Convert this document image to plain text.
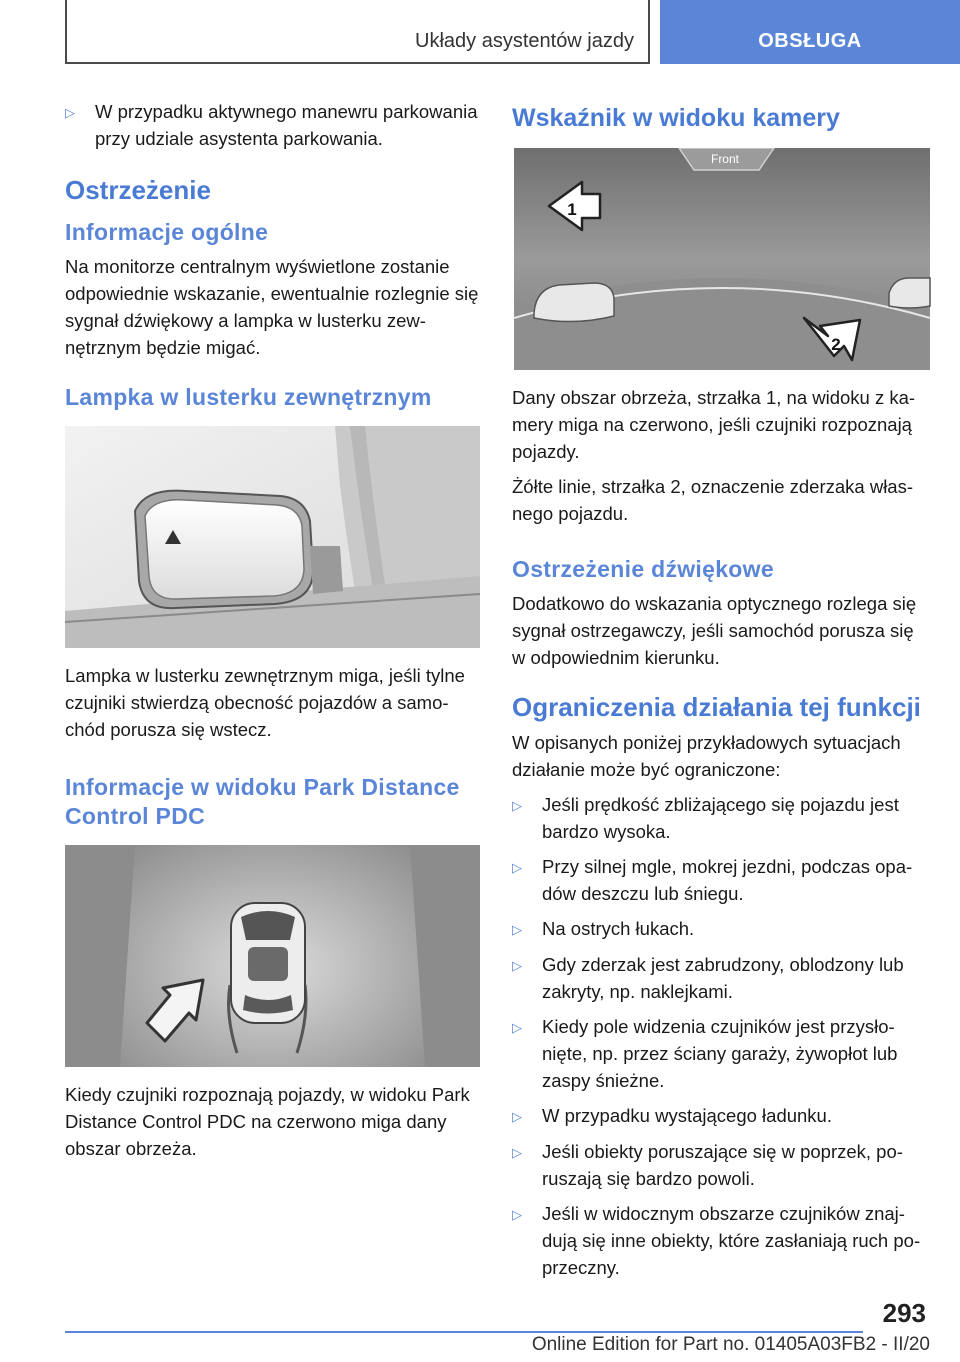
Układy asystentów jazdy	OBSŁUGA
▷	W przypadku aktywnego manewru parkowania przy udziale asystenta parkowania.
Ostrzeżenie
Informacje ogólne

Na monitorze centralnym wyświetlone zostanie odpowiednie wskazanie, ewentualnie rozlegnie się sygnał dźwiękowy a lampka w lusterku zewnętrznym będzie migać.

Lampka w lusterku zewnętrznym

Lampka w lusterku zewnętrznym miga, jeśli tylne czujniki stwierdzą obecność pojazdów a samochód porusza się wstecz.

Informacje w widoku Park Distance Control PDC

Kiedy czujniki rozpoznają pojazdy, w widoku Park Distance Control PDC na czerwono miga dany obszar obrzeża.

Wskaźnik w widoku kamery
Front
1
2

Dany obszar obrzeża, strzałka 1, na widoku z kamery miga na czerwono, jeśli czujniki rozpoznają pojazdy.

Żółte linie, strzałka 2, oznaczenie zderzaka własnego pojazdu.

Ostrzeżenie dźwiękowe

Dodatkowo do wskazania optycznego rozlega się sygnał ostrzegawczy, jeśli samochód porusza się w odpowiednim kierunku.

Ograniczenia działania tej funkcji

W opisanych poniżej przykładowych sytuacjach działanie może być ograniczone:

▷	Jeśli prędkość zbliżającego się pojazdu jest bardzo wysoka.
▷	Przy silnej mgle, mokrej jezdni, podczas opadów deszczu lub śniegu.
▷	Na ostrych łukach.
▷	Gdy zderzak jest zabrudzony, oblodzony lub zakryty, np. naklejkami.
▷	Kiedy pole widzenia czujników jest przysłonięte, np. przez ściany garaży, żywopłot lub zaspy śnieżne.
▷	W przypadku wystającego ładunku.
▷	Jeśli obiekty poruszające się w poprzek, poruszają się bardzo powoli.
▷	Jeśli w widocznym obszarze czujników znajdują się inne obiekty, które zasłaniają ruch poprzeczny.
293
Online Edition for Part no. 01405A03FB2 - II/20
